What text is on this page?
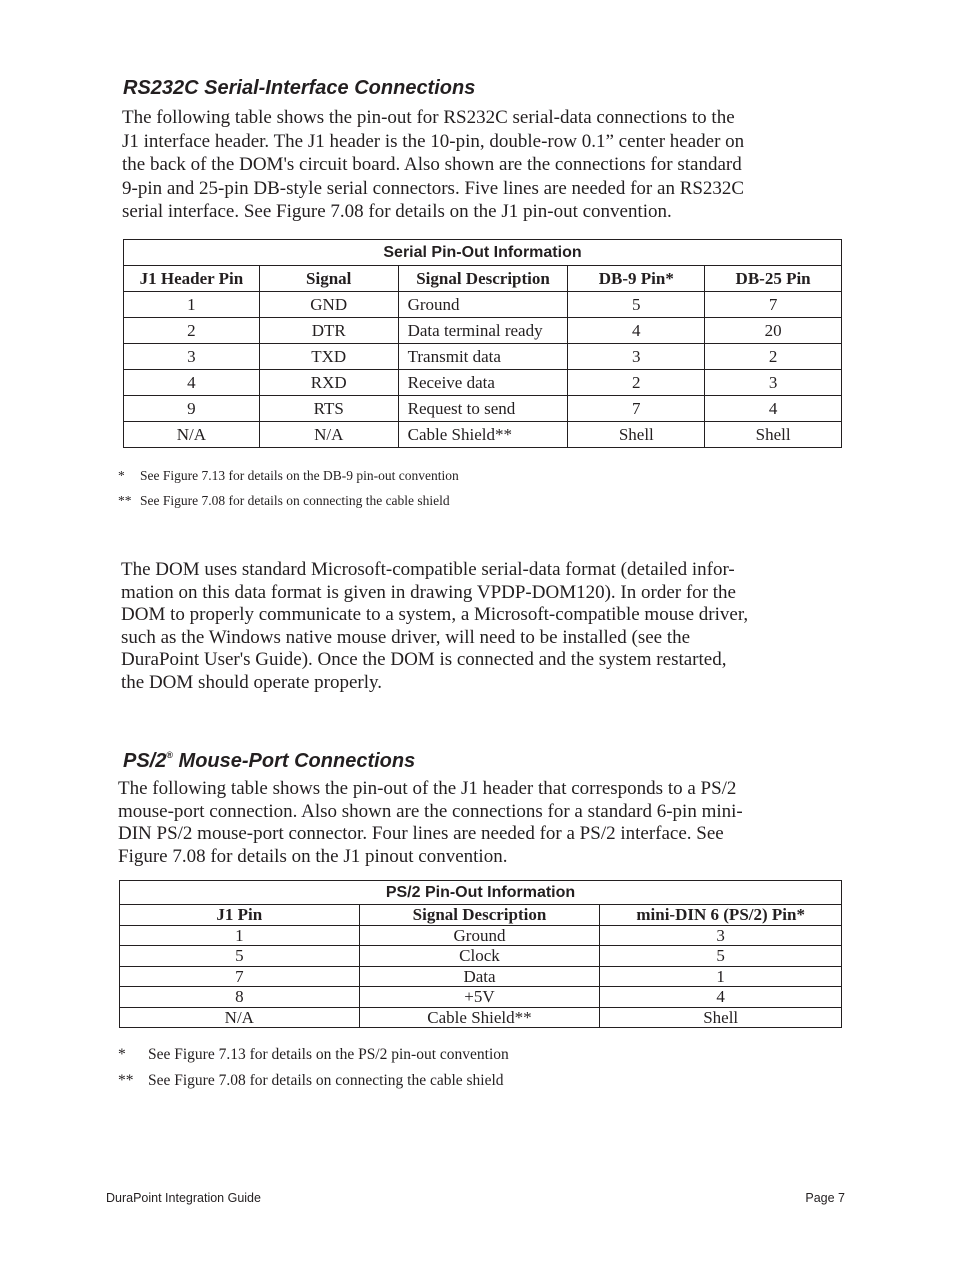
RS232C Serial-Interface Connections

The following table shows the pin-out for RS232C serial-data connections to the

J1 interface header. The J1 header is the 10-pin, double-row 0.1” center header on

the back of the DOM's circuit board. Also shown are the connections for standard

9-pin and 25-pin DB-style serial connectors. Five lines are needed for an RS232C

serial interface. See Figure 7.08 for details on the J1 pin-out convention.

Serial Pin-Out Information				
J1 Header Pin	Signal	Signal Description	DB-9 Pin*	DB-25 Pin
1	GND	Ground	5	7
2	DTR	Data terminal ready	4	20
3	TXD	Transmit data	3	2
4	RXD	Receive data	2	3
9	RTS	Request to send	7	4
N/A	N/A	Cable Shield**	Shell	Shell
* See Figure 7.13 for details on the DB-9 pin-out convention
** See Figure 7.08 for details on connecting the cable shield

The DOM uses standard Microsoft-compatible serial-data format (detailed infor-

mation on this data format is given in drawing VPDP-DOM120). In order for the

DOM to properly communicate to a system, a Microsoft-compatible mouse driver,

such as the Windows native mouse driver, will need to be installed (see the

DuraPoint User's Guide). Once the DOM is connected and the system restarted,

the DOM should operate properly.

PS/2® Mouse-Port Connections

The following table shows the pin-out of the J1 header that corresponds to a PS/2

mouse-port connection. Also shown are the connections for a standard 6-pin mini-

DIN PS/2 mouse-port connector. Four lines are needed for a PS/2 interface. See

Figure 7.08 for details on the J1 pinout convention.

PS/2 Pin-Out Information		
J1 Pin	Signal Description	mini-DIN 6 (PS/2) Pin*
1	Ground	3
5	Clock	5
7	Data	1
8	+5V	4
N/A	Cable Shield**	Shell
* See Figure 7.13 for details on the PS/2 pin-out convention
** See Figure 7.08 for details on connecting the cable shield
DuraPoint Integration Guide	Page 7
